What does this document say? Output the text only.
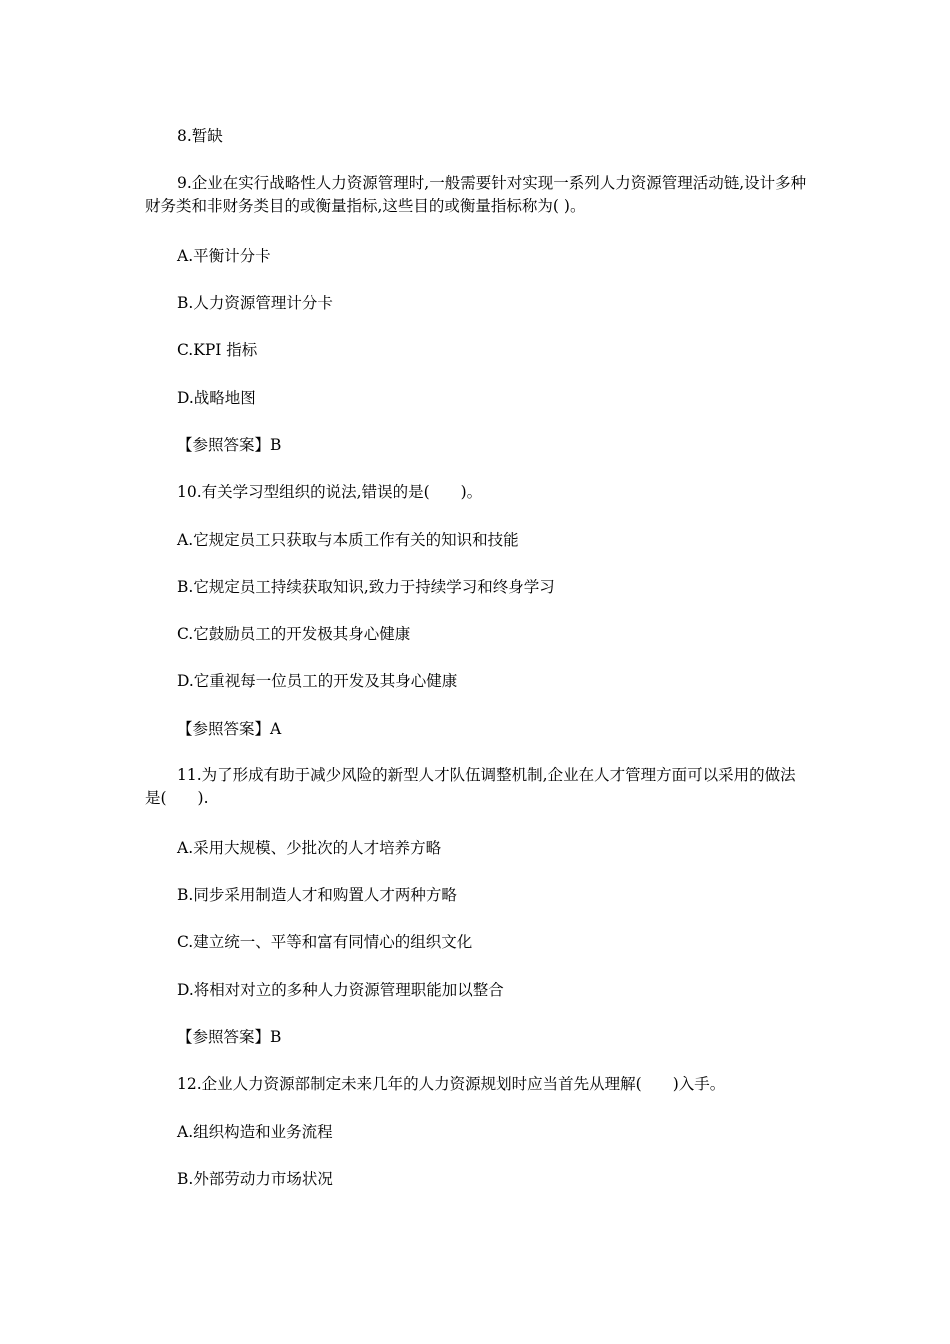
8.暂缺

9.企业在实行战略性人力资源管理时,一般需要针对实现一系列人力资源管理活动链,设计多种财务类和非财务类目的或衡量指标,这些目的或衡量指标称为( )。

A.平衡计分卡

B.人力资源管理计分卡

C.KPI 指标

D.战略地图

【参照答案】B

10.有关学习型组织的说法,错误的是(　　)。

A.它规定员工只获取与本质工作有关的知识和技能

B.它规定员工持续获取知识,致力于持续学习和终身学习

C.它鼓励员工的开发极其身心健康

D.它重视每一位员工的开发及其身心健康

【参照答案】A

11.为了形成有助于减少风险的新型人才队伍调整机制,企业在人才管理方面可以采用的做法是(　　).

A.采用大规模、少批次的人才培养方略

B.同步采用制造人才和购置人才两种方略

C.建立统一、平等和富有同情心的组织文化

D.将相对对立的多种人力资源管理职能加以整合

【参照答案】B

12.企业人力资源部制定未来几年的人力资源规划时应当首先从理解(　　)入手。

A.组织构造和业务流程

B.外部劳动力市场状况
